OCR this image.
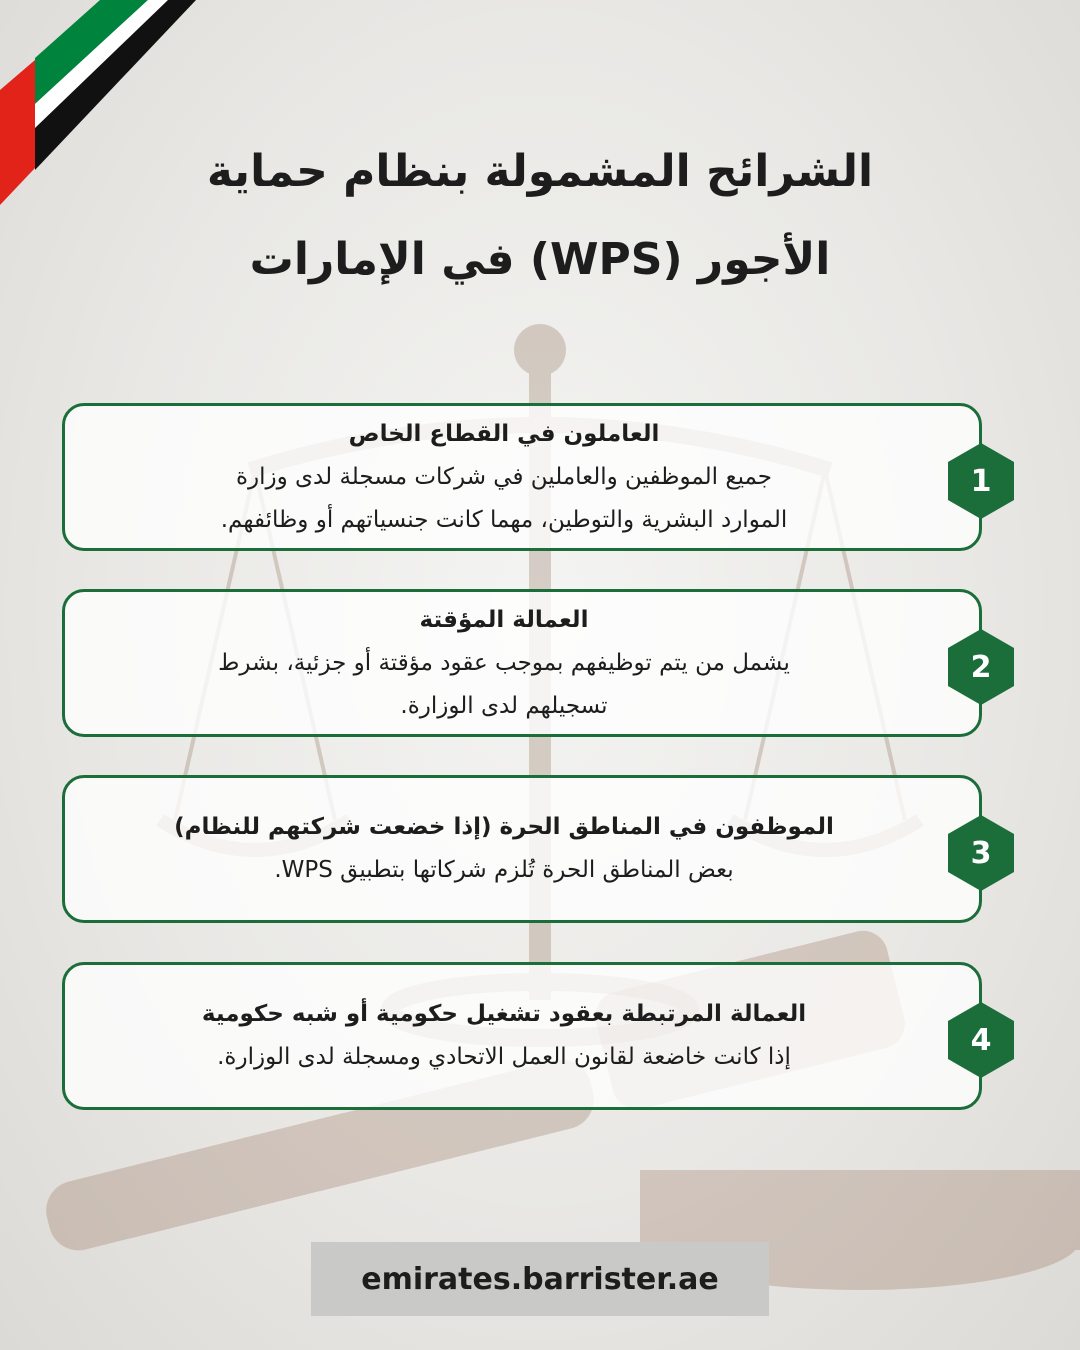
الشرائح المشمولة بنظام حماية
الأجور (WPS) في الإمارات
العاملون في القطاع الخاص
جميع الموظفين والعاملين في شركات مسجلة لدى وزارة
الموارد البشرية والتوطين، مهما كانت جنسياتهم أو وظائفهم.
1
العمالة المؤقتة
يشمل من يتم توظيفهم بموجب عقود مؤقتة أو جزئية، بشرط
تسجيلهم لدى الوزارة.
2
الموظفون في المناطق الحرة (إذا خضعت شركتهم للنظام)
بعض المناطق الحرة تُلزم شركاتها بتطبيق WPS.	3
العمالة المرتبطة بعقود تشغيل حكومية أو شبه حكومية
إذا كانت خاضعة لقانون العمل الاتحادي ومسجلة لدى الوزارة.	4
emirates.barrister.ae
